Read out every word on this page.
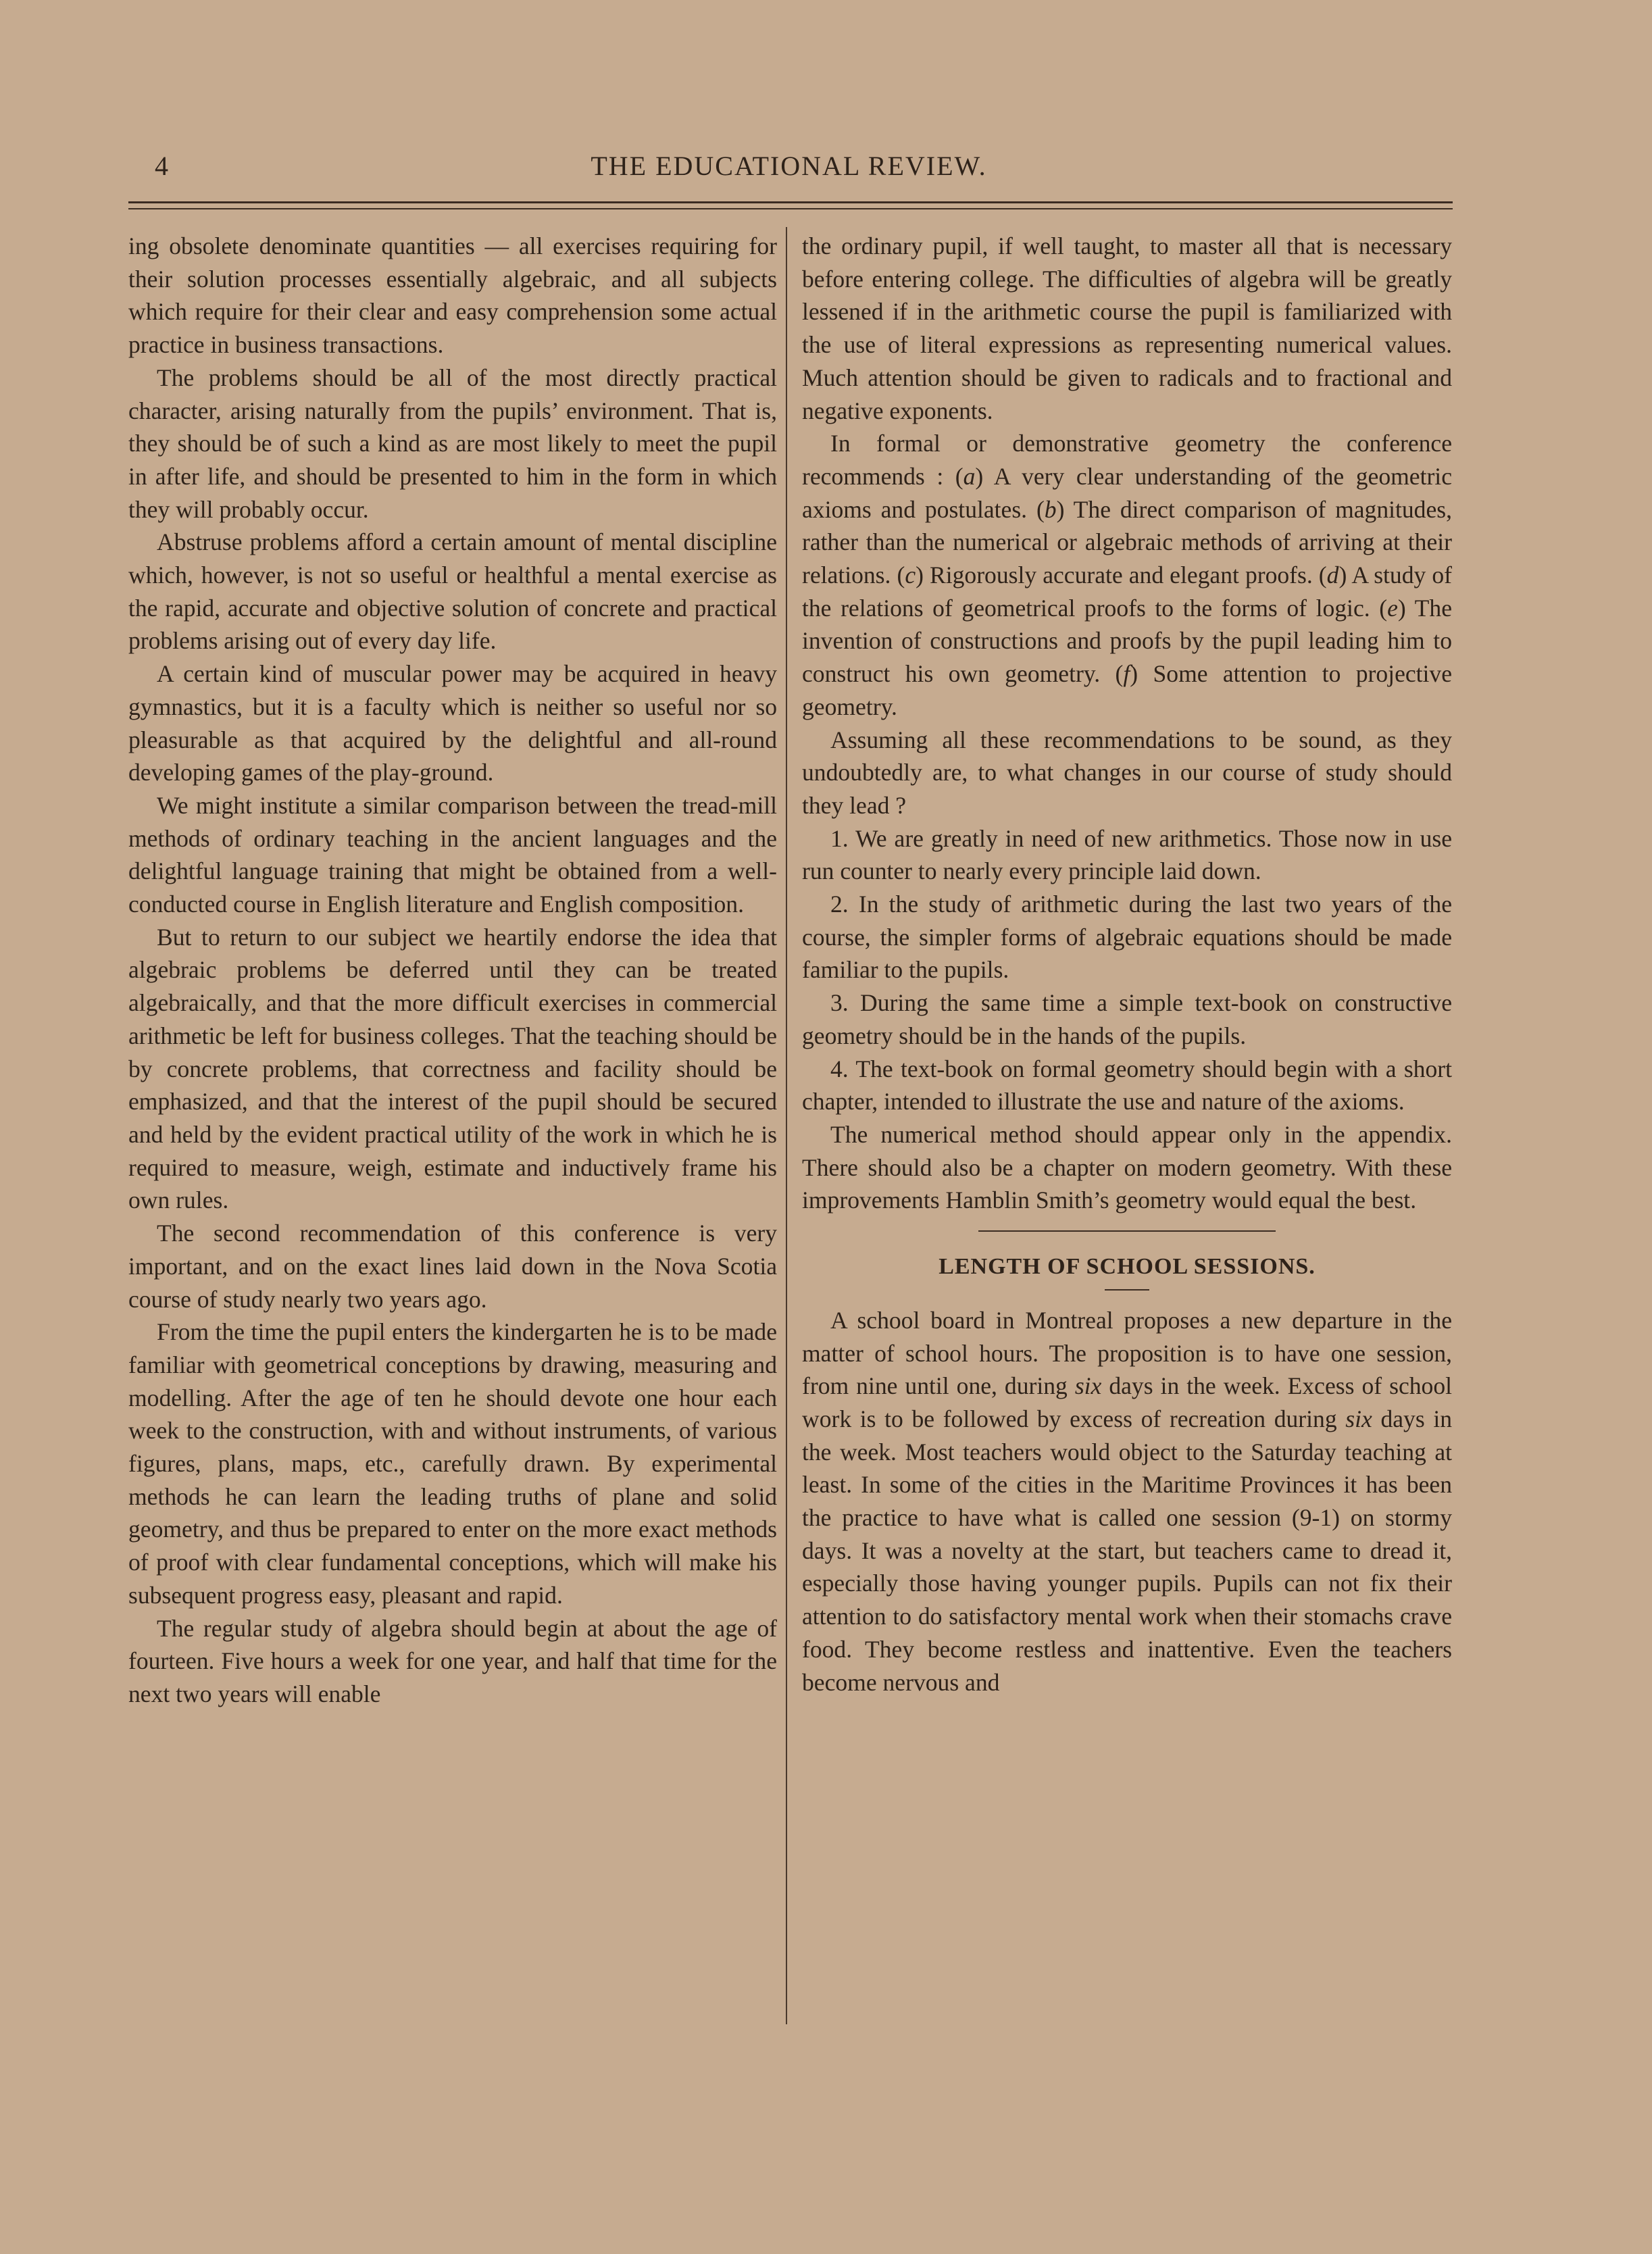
4	THE EDUCATIONAL REVIEW.

ing obsolete denominate quantities — all exercises requiring for their solution processes essentially algebraic, and all subjects which require for their clear and easy comprehension some actual practice in business transactions.

The problems should be all of the most directly practical character, arising naturally from the pupils’ environment. That is, they should be of such a kind as are most likely to meet the pupil in after life, and should be presented to him in the form in which they will probably occur.

Abstruse problems afford a certain amount of mental discipline which, however, is not so useful or healthful a mental exercise as the rapid, accurate and objective solution of concrete and practical problems arising out of every day life.

A certain kind of muscular power may be acquired in heavy gymnastics, but it is a faculty which is neither so useful nor so pleasurable as that acquired by the delightful and all-round developing games of the play-ground.

We might institute a similar comparison between the tread-mill methods of ordinary teaching in the ancient languages and the delightful language training that might be obtained from a well-conducted course in English literature and English composition.

But to return to our subject we heartily endorse the idea that algebraic problems be deferred until they can be treated algebraically, and that the more difficult exercises in commercial arithmetic be left for business colleges. That the teaching should be by concrete problems, that correctness and facility should be emphasized, and that the interest of the pupil should be secured and held by the evident practical utility of the work in which he is required to measure, weigh, estimate and inductively frame his own rules.

The second recommendation of this conference is very important, and on the exact lines laid down in the Nova Scotia course of study nearly two years ago.

From the time the pupil enters the kindergarten he is to be made familiar with geometrical conceptions by drawing, measuring and modelling. After the age of ten he should devote one hour each week to the construction, with and without instruments, of various figures, plans, maps, etc., carefully drawn. By experimental methods he can learn the leading truths of plane and solid geometry, and thus be prepared to enter on the more exact methods of proof with clear fundamental conceptions, which will make his subsequent progress easy, pleasant and rapid.

The regular study of algebra should begin at about the age of fourteen. Five hours a week for one year, and half that time for the next two years will enable

the ordinary pupil, if well taught, to master all that is necessary before entering college. The difficulties of algebra will be greatly lessened if in the arithmetic course the pupil is familiarized with the use of literal expressions as representing numerical values. Much attention should be given to radicals and to fractional and negative exponents.

In formal or demonstrative geometry the conference recommends : (a) A very clear understanding of the geometric axioms and postulates. (b) The direct comparison of magnitudes, rather than the numerical or algebraic methods of arriving at their relations. (c) Rigorously accurate and elegant proofs. (d) A study of the relations of geometrical proofs to the forms of logic. (e) The invention of constructions and proofs by the pupil leading him to construct his own geometry. (f) Some attention to projective geometry.

Assuming all these recommendations to be sound, as they undoubtedly are, to what changes in our course of study should they lead ?

1. We are greatly in need of new arithmetics. Those now in use run counter to nearly every principle laid down.

2. In the study of arithmetic during the last two years of the course, the simpler forms of algebraic equations should be made familiar to the pupils.

3. During the same time a simple text-book on constructive geometry should be in the hands of the pupils.

4. The text-book on formal geometry should begin with a short chapter, intended to illustrate the use and nature of the axioms.

The numerical method should appear only in the appendix. There should also be a chapter on modern geometry. With these improvements Hamblin Smith’s geometry would equal the best.

LENGTH OF SCHOOL SESSIONS.

A school board in Montreal proposes a new departure in the matter of school hours. The proposition is to have one session, from nine until one, during six days in the week. Excess of school work is to be followed by excess of recreation during six days in the week. Most teachers would object to the Saturday teaching at least. In some of the cities in the Maritime Provinces it has been the practice to have what is called one session (9-1) on stormy days. It was a novelty at the start, but teachers came to dread it, especially those having younger pupils. Pupils can not fix their attention to do satisfactory mental work when their stomachs crave food. They become restless and inattentive. Even the teachers become nervous and
